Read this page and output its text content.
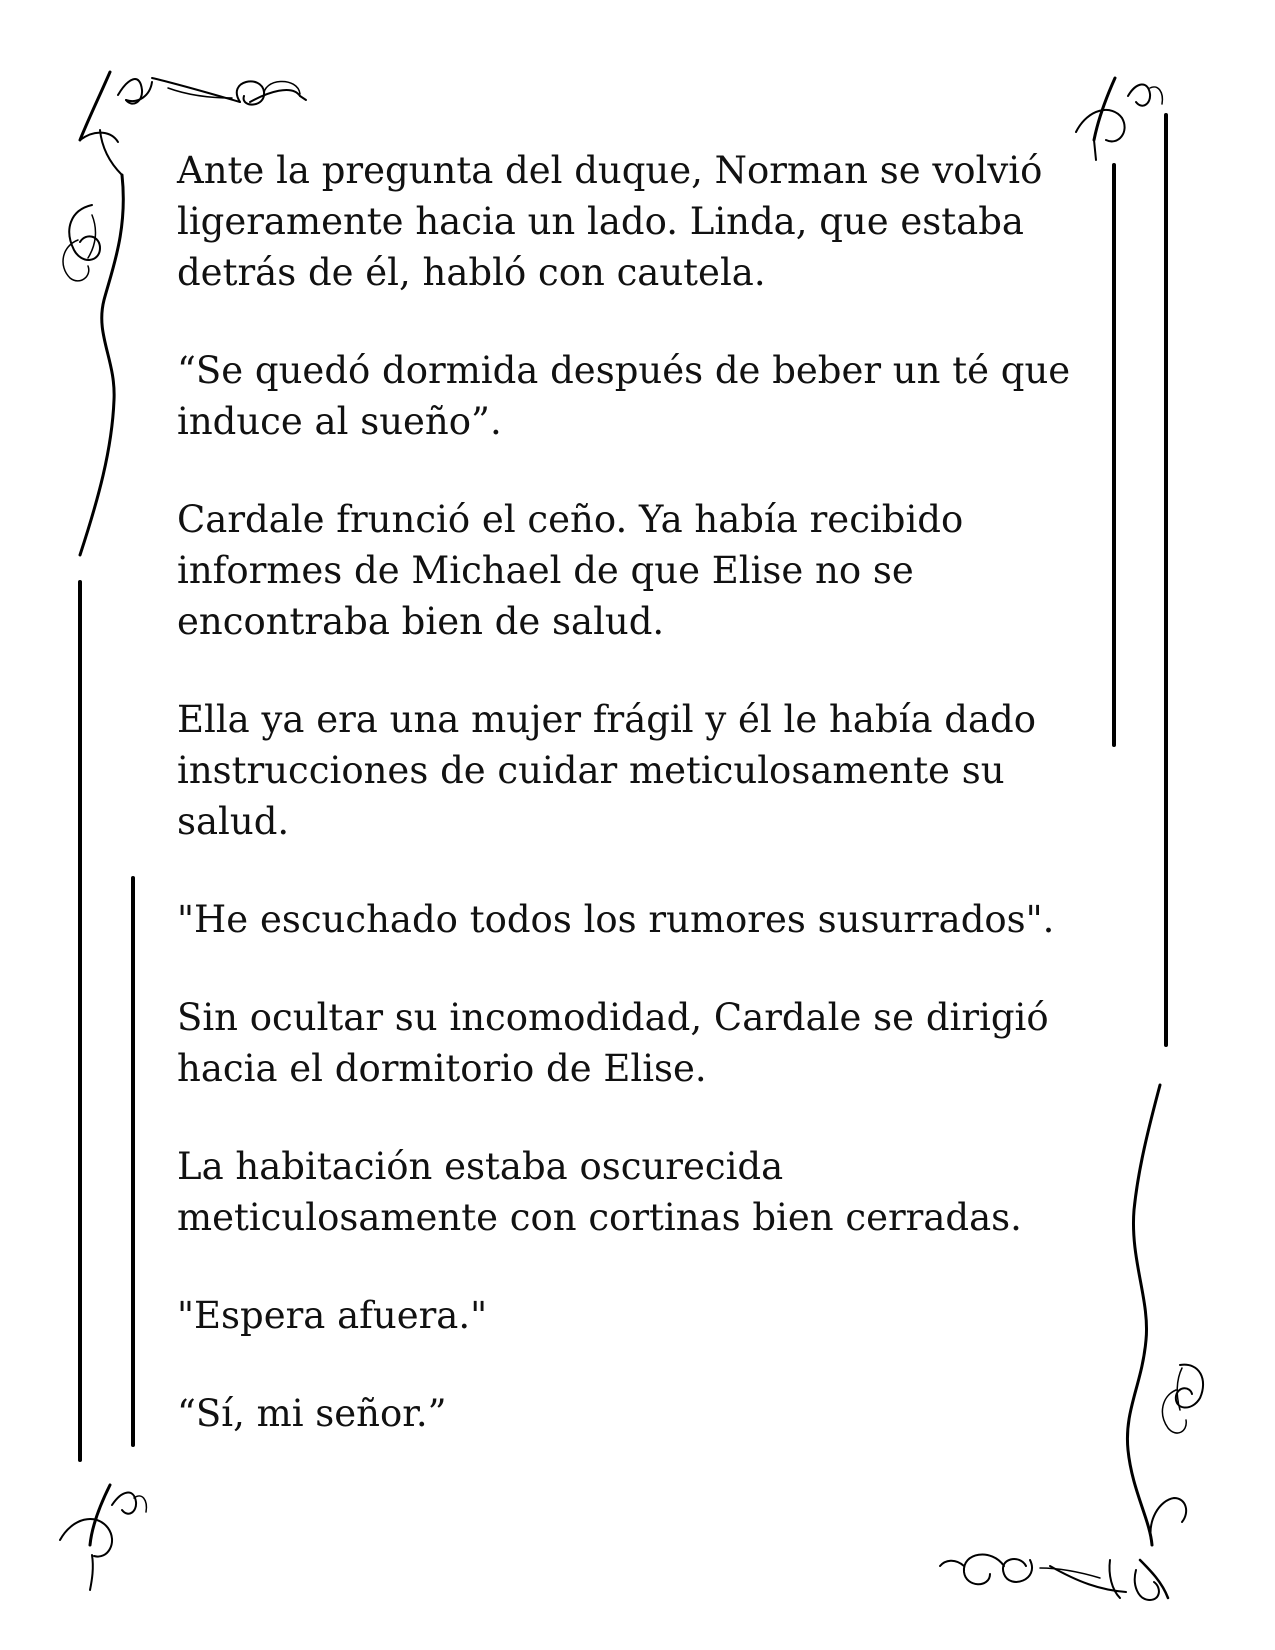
Ante la pregunta del duque, Norman se volvió
ligeramente hacia un lado. Linda, que estaba
detrás de él, habló con cautela.

“Se quedó dormida después de beber un té que
induce al sueño”.

Cardale frunció el ceño. Ya había recibido
informes de Michael de que Elise no se
encontraba bien de salud.

Ella ya era una mujer frágil y él le había dado
instrucciones de cuidar meticulosamente su
salud.

"He escuchado todos los rumores susurrados".

Sin ocultar su incomodidad, Cardale se dirigió
hacia el dormitorio de Elise.

La habitación estaba oscurecida
meticulosamente con cortinas bien cerradas.

"Espera afuera."

“Sí, mi señor.”
